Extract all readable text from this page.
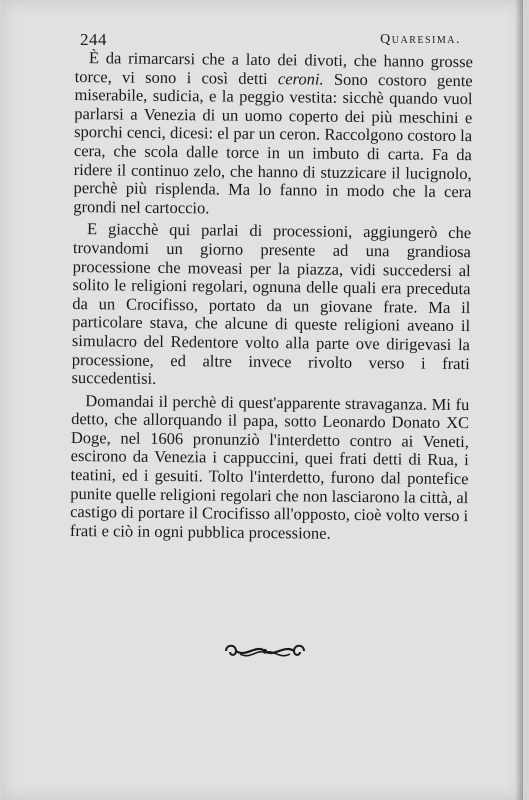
244	Quaresima.

È da rimarcarsi che a lato dei divoti, che hanno grosse torce, vi sono i così detti ceroni. Sono costoro gente miserabile, sudicia, e la peggio vestita: sicchè quando vuol parlarsi a Venezia di un uomo coperto dei più meschini e sporchi cenci, dicesi: el par un ceron. Raccolgono costoro la cera, che scola dalle torce in un imbuto di carta. Fa da ridere il continuo zelo, che hanno di stuzzicare il lucignolo, perchè più risplenda. Ma lo fanno in modo che la cera grondi nel cartoccio.

E giacchè qui parlai di processioni, aggiungerò che trovandomi un giorno presente ad una grandiosa processione che moveasi per la piazza, vidi succedersi al solito le religioni regolari, ognuna delle quali era preceduta da un Crocifisso, portato da un giovane frate. Ma il particolare stava, che alcune di queste religioni aveano il simulacro del Redentore volto alla parte ove dirigevasi la processione, ed altre invece rivolto verso i frati succedentisi.

Domandai il perchè di quest'apparente stravaganza. Mi fu detto, che allorquando il papa, sotto Leonardo Donato XC Doge, nel 1606 pronunziò l'interdetto contro ai Veneti, escirono da Venezia i cappuccini, quei frati detti di Rua, i teatini, ed i gesuiti. Tolto l'interdetto, furono dal pontefice punite quelle religioni regolari che non lasciarono la città, al castigo di portare il Crocifisso all'opposto, cioè volto verso i frati e ciò in ogni pubblica processione.
